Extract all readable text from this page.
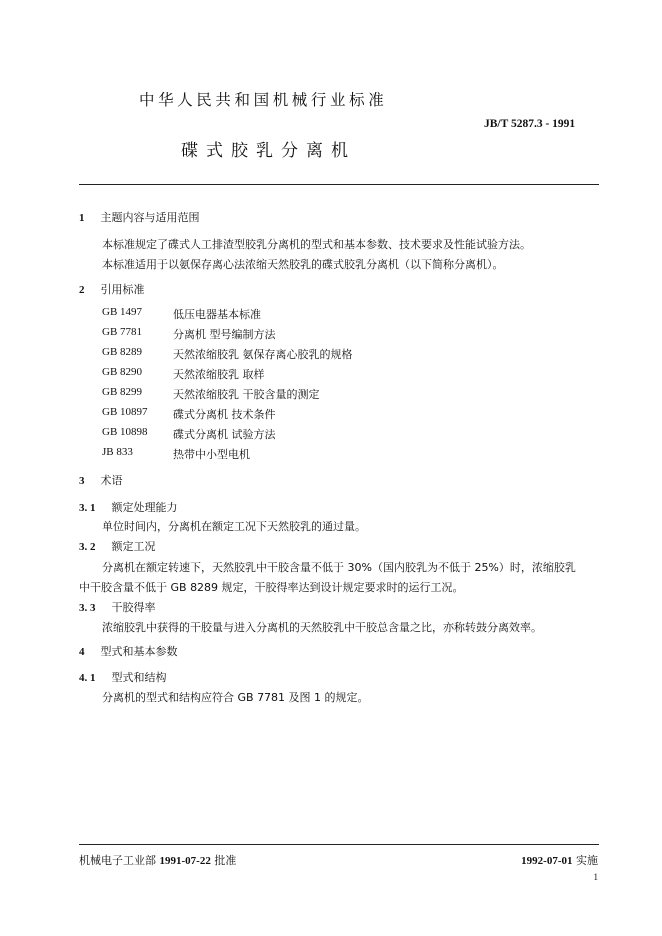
中华人民共和国机械行业标准
JB/T 5287.3 - 1991
碟式胶乳分离机
1 主题内容与适用范围
本标准规定了碟式人工排渣型胶乳分离机的型式和基本参数、技术要求及性能试验方法。
本标准适用于以氨保存离心法浓缩天然胶乳的碟式胶乳分离机（以下简称分离机）。
2 引用标准
GB 1497	低压电器基本标准
GB 7781	分离机 型号编制方法
GB 8289	天然浓缩胶乳 氨保存离心胶乳的规格
GB 8290	天然浓缩胶乳 取样
GB 8299	天然浓缩胶乳 干胶含量的测定
GB 10897 碟式分离机 技术条件
GB 10898 碟式分离机 试验方法
JB 833	热带中小型电机
3 术语
3. 1 额定处理能力
单位时间内，分离机在额定工况下天然胶乳的通过量。
3. 2 额定工况
分离机在额定转速下，天然胶乳中干胶含量不低于 30%（国内胶乳为不低于 25%）时，浓缩胶乳
中干胶含量不低于 GB 8289 规定，干胶得率达到设计规定要求时的运行工况。
3. 3 干胶得率
浓缩胶乳中获得的干胶量与进入分离机的天然胶乳中干胶总含量之比，亦称转鼓分离效率。
4 型式和基本参数
4. 1 型式和结构
分离机的型式和结构应符合 GB 7781 及图 1 的规定。
机械电子工业部 1991-07-22 批准	1992-07-01 实施
1
